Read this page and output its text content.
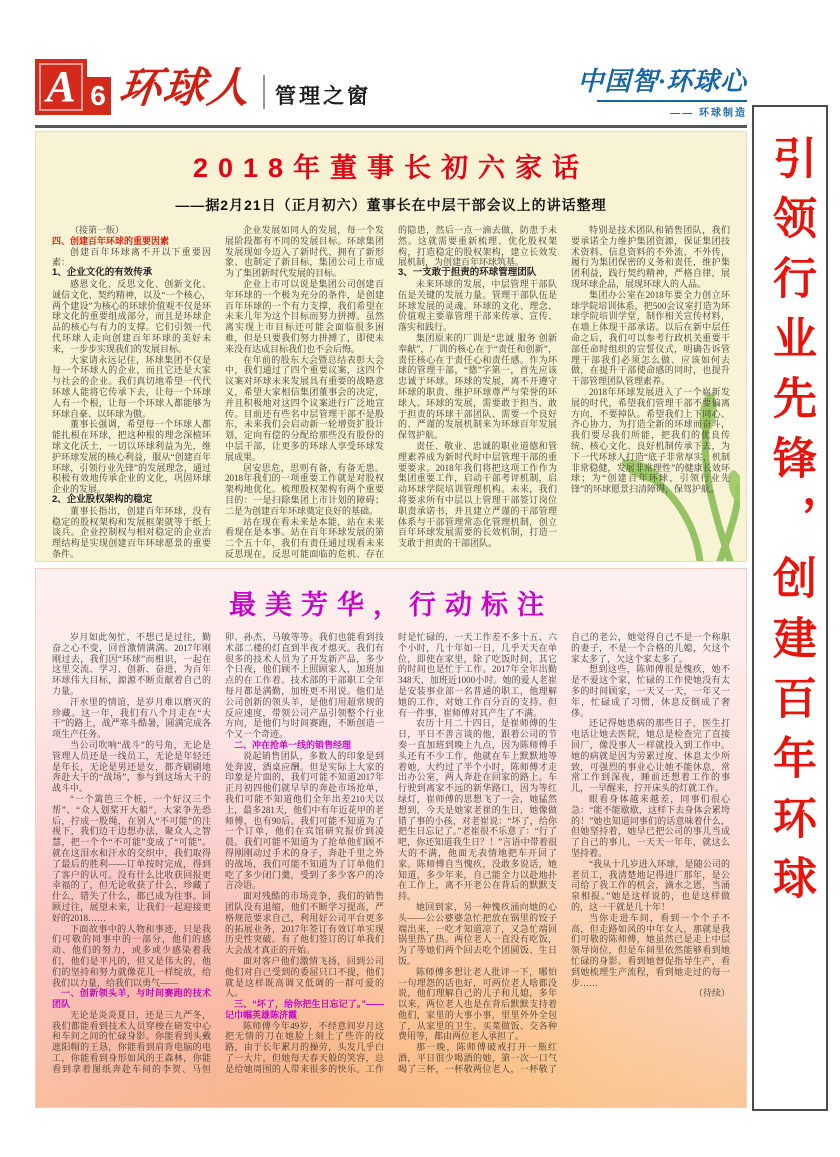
A 6 环球人 管理之窗	中国智·环球心
—— 环球制造
2018年董事长初六家话

——据2月21日（正月初六）董事长在中层干部会议上的讲话整理

（接第一版）

四、创建百年环球的重要因素

创建百年环球离不开以下重要因素：

1、企业文化的有效传承

感恩文化、反思文化、创新文化、诚信文化、契约精神，以及“一个核心，两个建设”为核心的环球价值观不仅是环球文化的重要组成部分，而且是环球企品的核心与有力的支撑。它们引领一代代环球人走向创建百年环球的美好未来，一步步实现我们的发展目标。

大家请永远记住，环球集团不仅是每一个环球人的企业，而且它还是大家与社会的企业。我们真切地希望一代代环球人能将它传承下去，让每一个环球人有一个根，让每一个环球人都能够为环球自豪、以环球为傲。

董事长强调，希望每一个环球人都能扎根在环球，把这种根的理念深植环球文化沃土，一切以环球利益为先，维护环球发展的核心利益，服从“创建百年环球，引领行业先锋”的发展理念，通过积极有效地传承企业的文化，巩固环球企业的发展。

2、企业股权架构的稳定

董事长指出，创建百年环球，没有稳定的股权架构和发展框架就等于纸上谈兵。企业控制权与相对稳定的企业治理结构是实现创建百年环球愿景的重要条件。

企业发展如同人的发展，每一个发展阶段都有不同的发展目标。环球集团发展现如今迈入了新时代、拥有了新形象、也制定了新目标，集团公司上市成为了集团新时代发展的目标。

企业上市可以说是集团公司创建百年环球的一个极为充分的条件，是创建百年环球的一个有力支撑，我们希望在未来几年为这个目标而努力拼搏。虽然离实现上市目标还可能会面临很多困难，但是只要我们努力拼搏了，即使未来没有达成目标我们也不会后悔。

在年前的股东大会暨总结表彰大会中，我们通过了四个重要议案，这四个议案对环球未来发展具有重要的战略意义，希望大家相信集团董事会的决定，并且积极地对这四个议案进行广泛地宣传。目前还有些名中层管理干部不是股东，未来我们会启动新一轮增资扩股计划，定向有偿的分配给那些没有股份的中层干部，让更多的环球人享受环球发展成果。

居安思危，思则有备，有备无患。2018年我们的一项重要工作就是对股权架构地优化。梳理股权架构有两个重要目的：一是扫除集团上市计划的障碍；二是为创建百年环球奠定良好的基础。

站在现在看未来是本能，站在未来看现在是本事。站在百年环球发展的第二个五十年，我们有责任通过现看未来反思现在，反思可能面临的危机、存在的隐患，然后一点一滴去做，防患于未然。这就需要重新梳理、优化股权架构，打造稳定的股权架构，建立长效发展机制，为创建百年环球筑基。

3、一支敢于担责的环球管理团队

未来环球的发展，中层管理干部队伍是关键的发展力量。管理干部队伍是环球发展的灵魂。环球的文化、理念、价值观主要靠管理干部来传承、宣传、落实和践行。

集团原来的厂训是“忠诚 服务 创新 奉献”，厂训的核心在于“责任和创新”，责任核心在于责任心和责任感。作为环球的管理干部，“德”字第一，首先应该忠诚于环球。环球的发展，离不开遵守环球的职责、维护环球尊严与荣誉的环球人。环球的发展，需要敢于担当、敢于担责的环球干部团队、需要一个良好的、严谨的发展机制来为环球百年发展保驾护航。

责任、敬业、忠诚的职业道德和管理素养成为新时代时中层管理干部的重要要求。2018年我们将把这项工作作为集团重要工作，启动干部考评机制，启动环球学院培训管理机构。未来，我们将要求所有中层以上管理干部签订岗位职责承诺书，并且建立严谨的干部管理体系与干部管理常态化管理机制，创立百年环球发展需要的长效机制，打造一支敢于担责的干部团队。

特别是技术团队和销售团队，我们要承诺全力维护集团资源，保证集团技术资料、信息资料的不外流、不外传，履行为集团保密的义务和责任，维护集团利益，践行契约精神，严格自律，展现环球企品，展现环球人的人品。

集团办公室在2018年要全力创立环球学院培训体系，把500会议室打造为环球学院培训学堂，制作相关宣传材料，在墙上体现干部承诺。以后在新中层任命之后，我们可以参考行政机关重要干部任命时组织的宣誓仪式，明确告诉管理干部我们必须怎么做、应该如何去做，在提升干部使命感的同时，也提升干部管理团队管理素养。

2018年环球发展进入了一个崭新发展的时代，希望我们管理干部不要偏离方向，不要掉队。希望我们上下同心、齐心协力，为打造全新的环球而奋斗，我们要尽我们所能，把我们的优良传统、核心文化、良好机制传承下去，为下一代环球人打造“底子非常厚实，机制非常稳健，发展非常理性”的健康长效环球；为“创建百年环球，引领行业先锋”的环球愿景扫清障碍，保驾护航。

最美芳华，行动标注

岁月如此匆忙，不想已是过往，勤奋之心不变，回首激情满满。2017年刚刚过去，我们因“环球”而相识，一起在这里交流、学习、创新、奋进，为百年环球伟大目标，源源不断贡献着自己的力量。

汗水里的情谊，是岁月难以磨灭的珍藏。这一年，我们有八个月走在“大干”的路上，战严寒斗酷暑，圆满完成各项生产任务。

当公司吹响“战斗”的号角，无论是管理人员还是一线员工，无论是年轻还是年长，无论是男还是女，都齐刷刷地奔赴大干的“战场”，参与到这场大干的战斗中。

“一个篱笆三个桩，一个好汉三个帮”、“众人划桨开大船”，大家争先恐后，拧成一股绳，在别人“不可能”的注视下，我们边干边想办法，聚众人之智慧，把一个个“不可能”变成了“可能”。就在这泪水和汗水的交织中，我们取得了最后的胜利——订单按时完成，得到了客户的认可。没有什么比收获回报更幸福的了，但无论收获了什么，珍藏了什么，错失了什么，都已成为往事。回顾过往，展望未来，让我们一起迎接更好的2018……

下面故事中的人物和事迹，只是我们可敬的同事中的一部分，他们的感动、他们的努力，或多或少感染着我们，他们是平凡的，但又是伟大的，他们的坚持和努力就像花儿一样绽放，给我们以力量，给我们以勇气——

一、创新领头羊，与时间赛跑的技术团队

无论是炎炎夏日，还是三九严冬，我们都能看到技术人员穿梭在研发中心和车间之间的忙碌身影。你能看到头戴遮阳帽的王恳，你能看到肩背电脑的电工，你能看到身形如风的王森林，你能看到拿着图纸奔赴车间的李贺、马恒卯、孙杰、马敏等等。我们也能看到技术部二楼的灯直到半夜才熄灭。我们有很多的技术人员为了开发新产品，多少个日夜，他们顾不上照顾家人，加班加点的在工作着。技术部的干部职工全年每月都是满勤，加班更不用说。他们是公司创新的领头羊，是他们用超常规的反应速度，带领公司产品引领整个行业方向，是他们与时间赛跑，不断创造一个又一个奇迹。

二、冲在抢单一线的销售经理

说起销售团队，多数人的印象是到处奔波，酒桌应酬。但是实际上大家的印象是片面的，我们可能不知道2017年正月初四他们就早早的奔赴市场抢单，我们可能不知道他们全年出差210天以上，最多281天，他们中有年近花甲的老师傅，也有90后。我们可能不知道为了一个订单，他们在宾馆研究报价到凌晨。我们可能不知道为了抢单他们顾不得刚刚动过手术的身子，奔赴千里之外的战场，我们可能不知道为了订单他们吃了多少闭门羹，受到了多少客户的冷言冷语。

面对残酷的市场竞争，我们的销售团队没有退缩，他们不断学习提高，严格规范要求自己，利用好公司平台更多的拓展业务，2017年签订有效订单实现历史性突破。有了他们签订的订单我们大会战才真正的开始。

面对客户他们激情飞扬，回到公司他们对自己受到的委屈只口不提，他们就是这样既高调又低调的一群可爱的人。

三、“坏了，给你把生日忘记了。”——记巾帼英雄陈济霞

陈师傅今年49岁，不经意间岁月这把无情的刀在她脸上刻上了些许的纹路，由于长年累月的操劳，头发几乎白了一大片，但她每天春天般的笑容，总是给她周围的人带来很多的快乐。工作时是忙碌的，一天工作差不多十五、六个小时，几十年如一日，几乎天天在单位，即使在家里，除了吃饭时间，其它的时间也是忙于工作。2017年全年出勤348天，加班近1000小时。她的爱人老崔是安装事业部一名普通的职工，他理解她的工作，对她工作百分百的支持。但有一件事，崔师傅对其产生了不满。

农历十月二十四日，是崔师傅的生日，平日不善言谈的他，跟着公司的节奏一直加班到晚上九点，因为陈师傅手头还有不少工作，他就在车上默默地等着她，大约过了半个小时，陈师傅才走出办公室，两人奔赴在回家的路上。车行驶到离家不远的新华路口，因为等红绿灯，崔师傅的思想飞了一会，她猛然想到，今天是她家老崔的生日，她像做错了事的小孩，对老崔说：“坏了，给你把生日忘记了。”老崔很不乐意了：“行了吧，你还知道我生日？！”言语中带着很大的不满，他面无表情地把车开回了家。陈师傅自当愧疚，没敢多说话，她知道，多少年来，自己能全力以赴地扑在工作上，离不开老公在背后的默默支持。

她回到家，另一种愧疚涌向她的心头——公公婆婆急忙把放在锅里的饺子端出来，一吃才知道凉了，又急忙端回锅里热了热。两位老人一直没有吃饭，为了等她们两个回去吃个团圆饭、生日饭。

陈师傅多想让老人批评一下，哪怕一句埋怨的话也好，可两位老人啥都没说，他们理解自己的儿子和儿媳，多年以来，两位老人也是在背后默默支持着他们，家里的大事小事，里里外外全包了，从家里的卫生、买菜做饭、交各种费用等，都由两位老人承担了。

那一晚，陈师傅破戒打开一瓶红酒，平日很少喝酒的她，第一次一口气喝了三杯，一杯敬两位老人，一杯敬了自己的老公，她觉得自己不是一个称职的妻子，不是一个合格的儿媳，欠这个家太多了，欠这个家太多了。

想到这些，陈师傅很是愧疚，她不是不爱这个家，忙碌的工作使她没有太多的时间顾家，一天又一天，一年又一年，忙碌成了习惯，休息反倒成了奢侈。

还记得她患病的那些日子，医生打电话让她去医院，她总是检查完了直接回厂，像没事人一样就投入到工作中。她的病就是因为劳累过度、休息太少所致，可强烈的事业心让她不能休息，常常工作到深夜，睡前还想着工作的事儿，一早醒来，拧开床头的灯就工作。

眼看身体越来越差，同事们很心急：“能不能歇歇，这样下去身体会累垮的！”她也知道同事们的话意味着什么，但她坚持着，她早已把公司的事儿当成了自己的事儿，一天天一年年，就这么坚持着。

“我从十几岁进入环球，是随公司的老员工，我清楚地记得进厂那年，是公司给了我工作的机会，滴水之恩，当涌泉相报。”她是这样说的，也是这样做的，这一干就是几十年！

当你走进车间，看到一个个子不高，但走路如风的中年女人，那就是我们可敬的陈师傅，她虽然已是走上中层领导岗位，但是车间里依然能够看到她忙碌的身影。看到她督促指导生产，看到她梳理生产流程，看到她走过的每一步……

（待续）

引领行业先锋，创建百年环球
